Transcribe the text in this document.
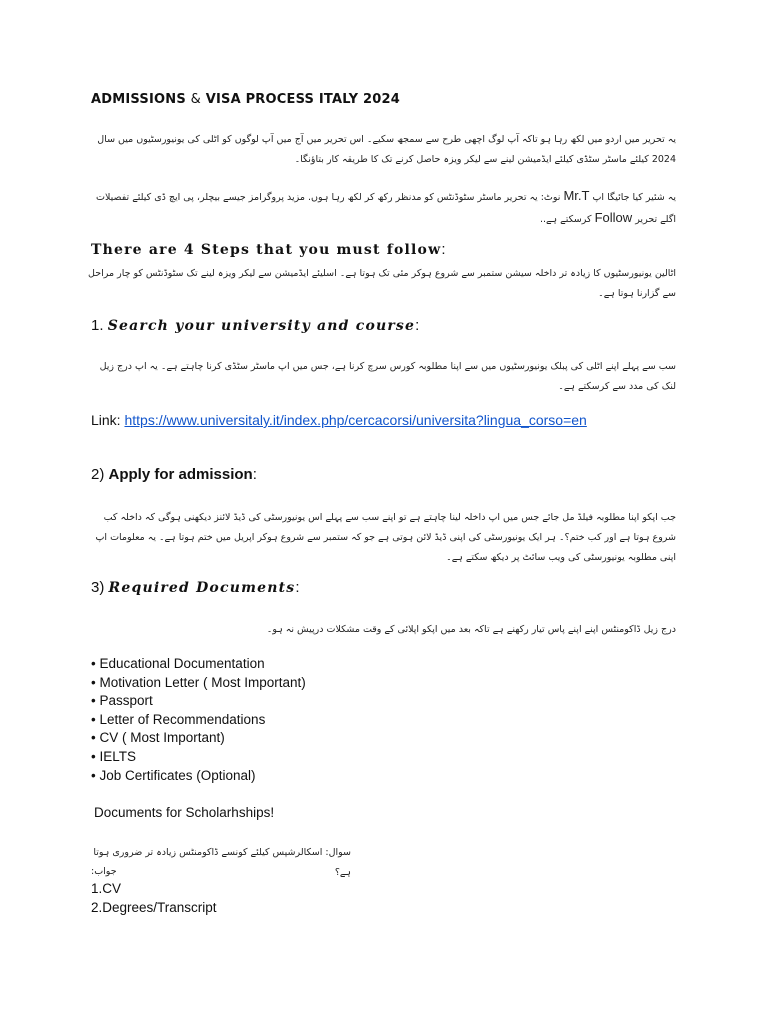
ADMISSIONS & VISA PROCESS ITALY 2024
یہ تحریر میں اردو میں لکھ رہا ہو تاکہ آپ لوگ اچھی طرح سے سمجھ سکیے۔ اس تحریر میں آج میں آپ لوگوں کو اٹلی کی یونیورسٹیوں میں سال 2024 کیلئے ماسٹر سٹڈی کیلئے ایڈمیشن لینے سے لیکر ویزہ حاصل کرنے تک کا طریقہ کار بتاؤنگا۔
یہ شئیر کیا جائیگا اپ Mr.T نوٹ: یہ تحریر ماسٹر سٹوڈنٹس کو مدنظر رکھ کر لکھ رہا ہوں. مزید پروگرامز جیسے بیچلر، پی ایچ ڈی کیلئے تفصیلات اگلے تحریر Follow کرسکتے ہے..
There are 4 Steps that you must follow:
اٹالین یونیورسٹیوں کا زیادہ تر داخلہ سیشن ستمبر سے شروع ہوکر مئی تک ہوتا ہے۔ اسلیئے ایڈمیشن سے لیکر ویزہ لینے تک سٹوڈنٹس کو چار مراحل سے گزارنا ہوتا ہے۔
1. Search your university and course:
سب سے پہلے اپنے اٹلی کی پبلک یونیورسٹیوں میں سے اپنا مطلوبہ کورس سرچ کرنا ہے، جس میں اپ ماسٹر سٹڈی کرنا چاہتے ہے۔ یہ اپ درج زیل لنک کی مدد سے کرسکتے ہے۔
Link: https://www.universitaly.it/index.php/cercacorsi/universita?lingua_corso=en
2) Apply for admission:
جب اپکو اپنا مطلوبہ فیلڈ مل جائے جس میں اپ داخلہ لینا چاہتے ہے تو اپنے سب سے پہلے اس یونیورسٹی کی ڈیڈ لائنز دیکھنی ہوگی کہ داخلہ کب شروع ہوتا ہے اور کب ختم؟۔ ہر ایک یونیورسٹی کی اپنی ڈیڈ لائن ہوتی ہے جو کہ ستمبر سے شروع ہوکر اپریل میں ختم ہوتا ہے۔ یہ معلومات اپ اپنی مطلوبہ یونیورسٹی کی ویب سائٹ پر دیکھ سکتے ہے۔
3) Required Documents:
درج زیل ڈاکومنٹس اپنے اپنے پاس تیار رکھنے ہے تاکہ بعد میں اپکو اپلائی کے وقت مشکلات درپیش نہ ہو۔
• Educational Documentation
• Motivation Letter ( Most Important)
• Passport
• Letter of Recommendations
• CV ( Most Important)
• IELTS
• Job Certificates (Optional)
Documents for Scholarhships!
سوال: اسکالرشپس کیلئے کونسے ڈاکومنٹس زیادہ تر ضروری ہوتا ہے؟
جواب:
1.CV
2.Degrees/Transcript
